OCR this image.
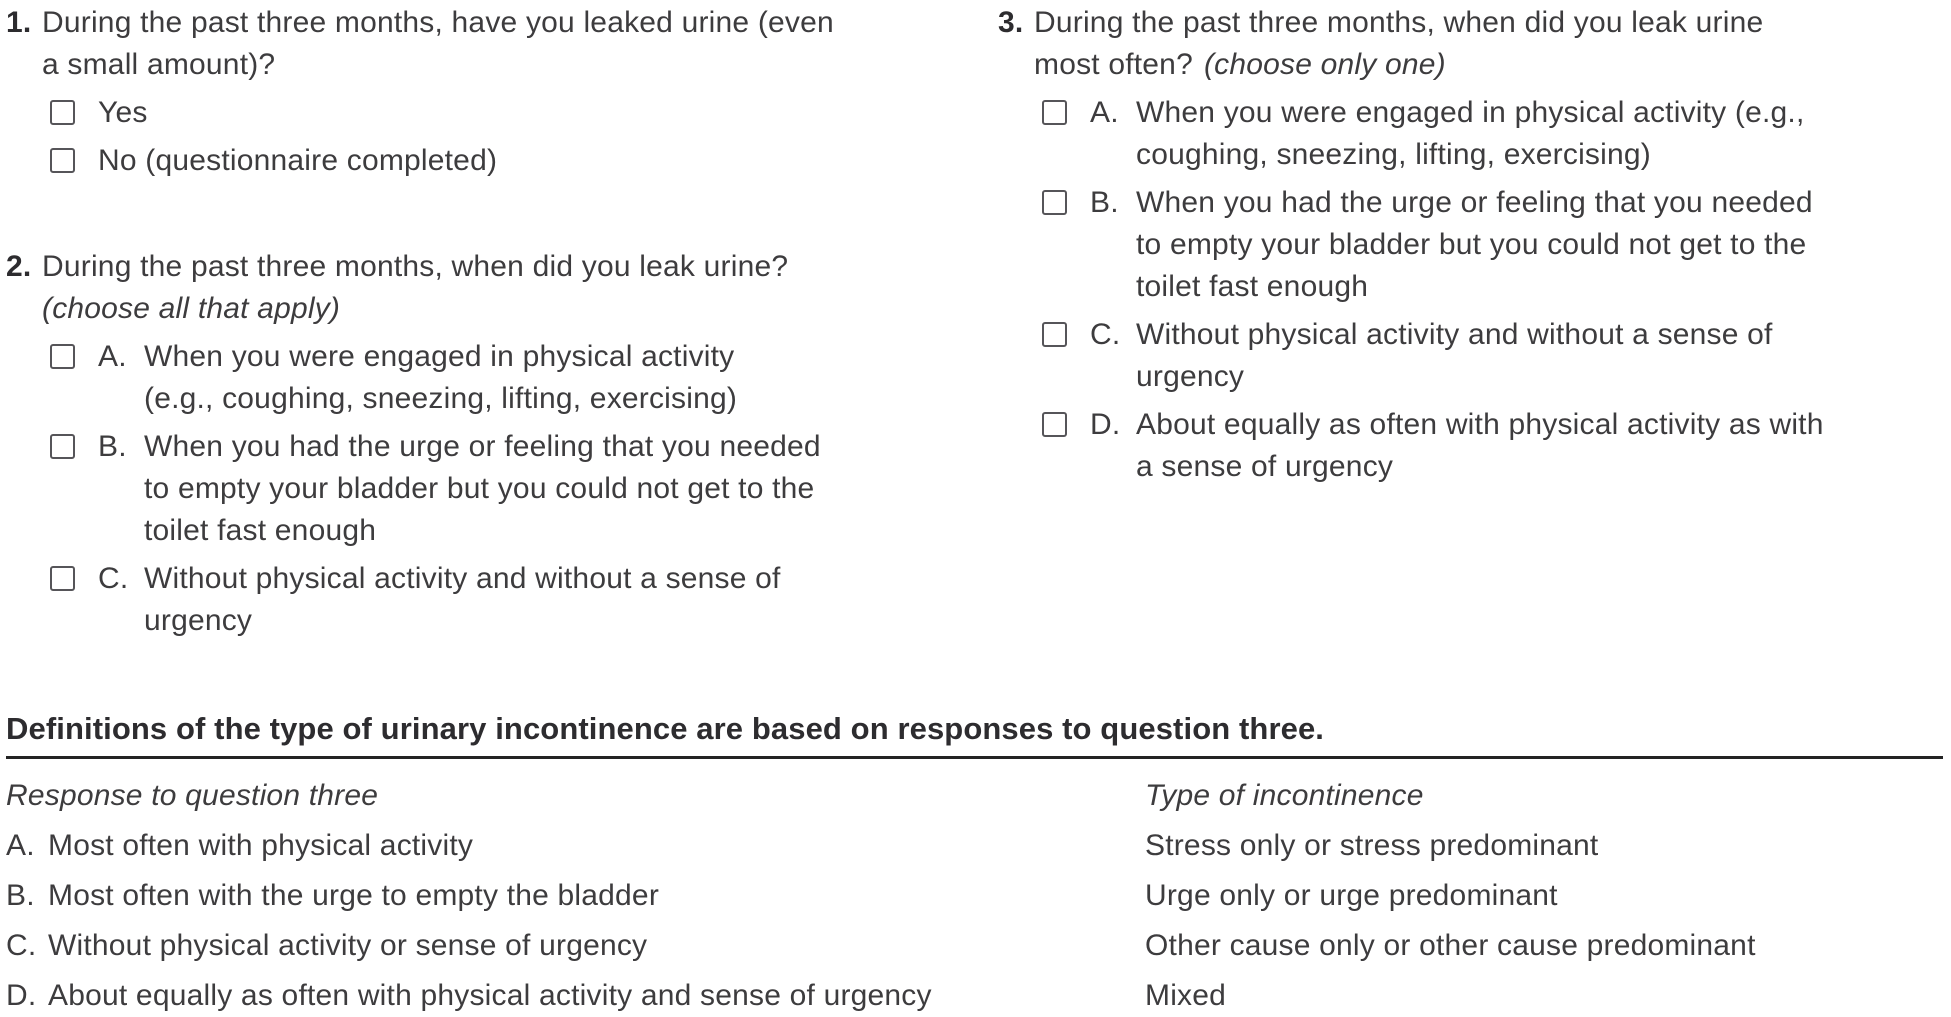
1. During the past three months, have you leaked urine (even
a small amount)?
Yes
No (questionnaire completed)
2. During the past three months, when did you leak urine?
(choose all that apply)
A. When you were engaged in physical activity
(e.g., coughing, sneezing, lifting, exercising)
B. When you had the urge or feeling that you needed
to empty your bladder but you could not get to the
toilet fast enough
C. Without physical activity and without a sense of
urgency
3. During the past three months, when did you leak urine
most often? (choose only one)
A. When you were engaged in physical activity (e.g.,
coughing, sneezing, lifting, exercising)
B. When you had the urge or feeling that you needed
to empty your bladder but you could not get to the
toilet fast enough
C. Without physical activity and without a sense of
urgency
D. About equally as often with physical activity as with
a sense of urgency
Definitions of the type of urinary incontinence are based on responses to question three.
Response to question three	Type of incontinence
A. Most often with physical activity	Stress only or stress predominant
B. Most often with the urge to empty the bladder	Urge only or urge predominant
C. Without physical activity or sense of urgency	Other cause only or other cause predominant
D. About equally as often with physical activity and sense of urgency	Mixed
